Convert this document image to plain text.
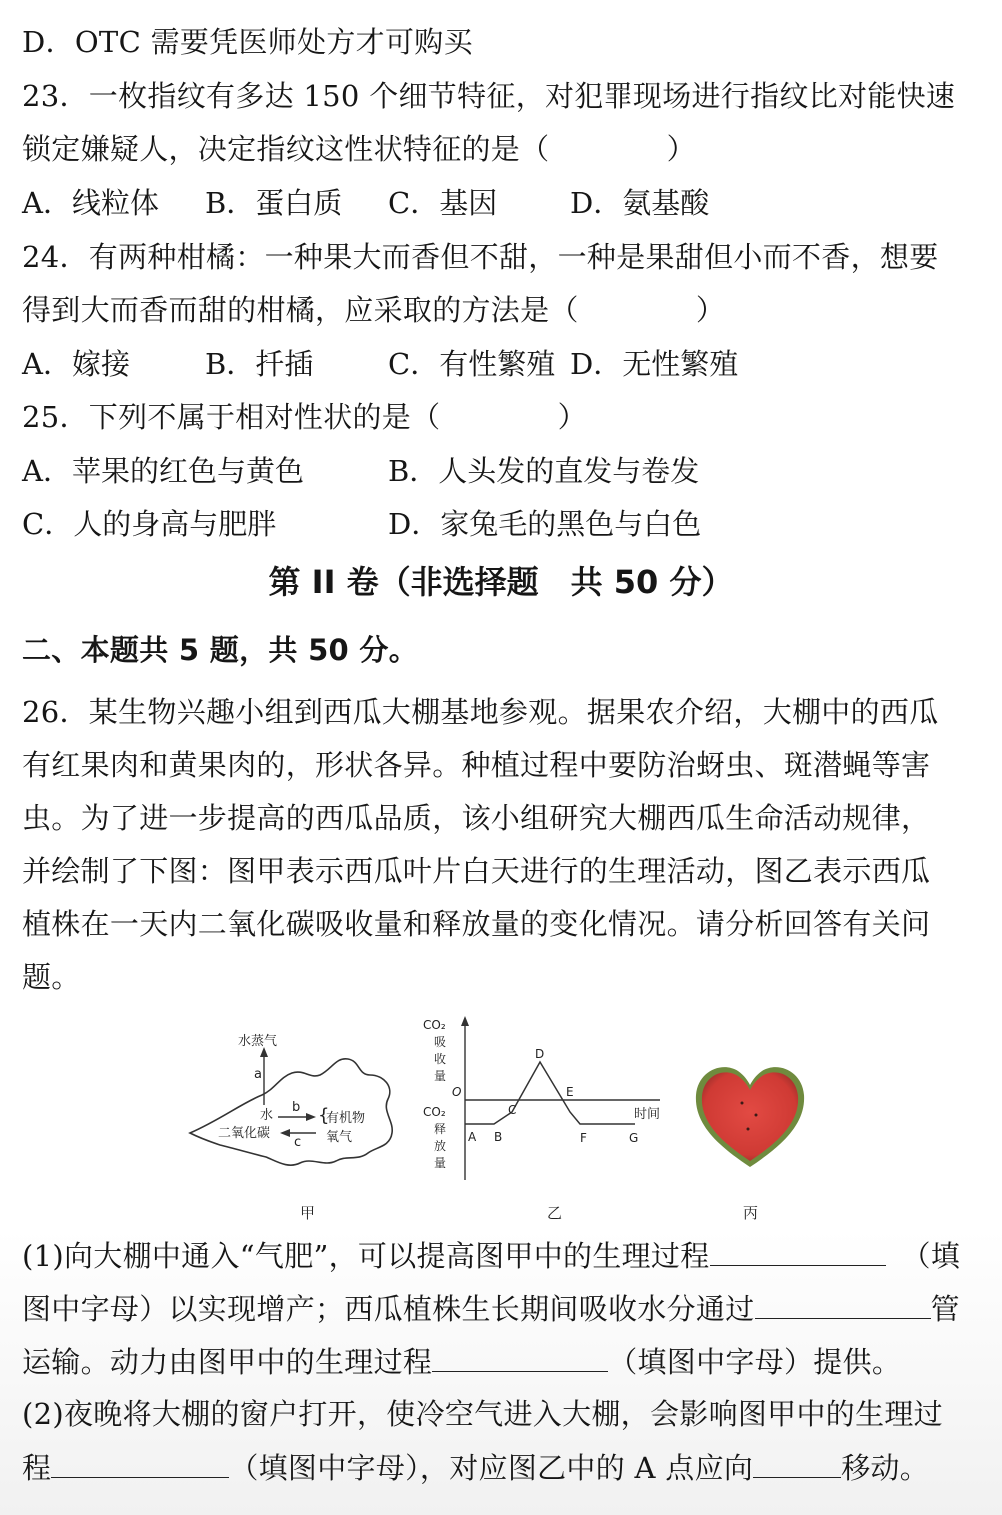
D．OTC 需要凭医师处方才可购买
23．一枚指纹有多达 150 个细节特征，对犯罪现场进行指纹比对能快速
锁定嫌疑人，决定指纹这性状特征的是（　　　　）
A．线粒体 B．蛋白质 C．基因	D．氨基酸
24．有两种柑橘：一种果大而香但不甜，一种是果甜但小而不香，想要
得到大而香而甜的柑橘，应采取的方法是（　　　　）
A．嫁接	B．扦插	C．有性繁殖 D．无性繁殖
25．下列不属于相对性状的是（　　　　）
A．苹果的红色与黄色	B．人头发的直发与卷发
C．人的身高与肥胖	D．家兔毛的黑色与白色
第 II 卷（非选择题　共 50 分）
二、本题共 5 题，共 50 分。
26．某生物兴趣小组到西瓜大棚基地参观。据果农介绍，大棚中的西瓜
有红果肉和黄果肉的，形状各异。种植过程中要防治蚜虫、斑潜蝇等害
虫。为了进一步提高的西瓜品质，该小组研究大棚西瓜生命活动规律，
并绘制了下图：图甲表示西瓜叶片白天进行的生理活动，图乙表示西瓜
植株在一天内二氧化碳吸收量和释放量的变化情况。请分析回答有关问
题。
水蒸气
a
水
二氧化碳
b
c
{
有机物
氧气
甲
CO₂
吸
收
量
O
CO₂
释
放
量
时间
A B
C
D
E
F	G
乙	丙
(1)向大棚中通入“气肥”，可以提高图甲中的生理过程	（填
图中字母）以实现增产；西瓜植株生长期间吸收水分通过	管
运输。动力由图甲中的生理过程	（填图中字母）提供。
(2)夜晚将大棚的窗户打开，使冷空气进入大棚，会影响图甲中的生理过
程	（填图中字母），对应图乙中的 A 点应向	移动。
